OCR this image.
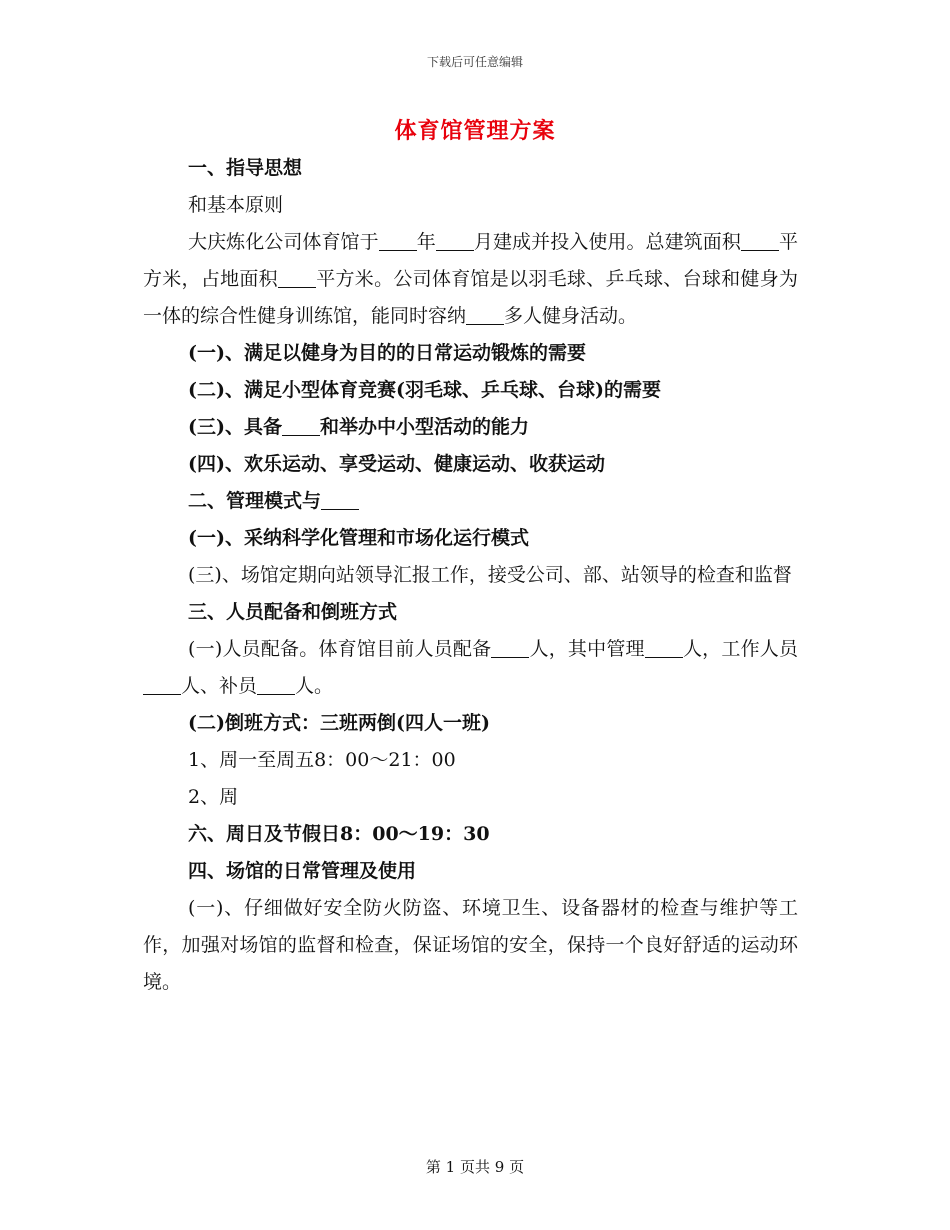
下载后可任意编辑
体育馆管理方案
一、指导思想
和基本原则
大庆炼化公司体育馆于 年 月建成并投入使用。总建筑面积 平方米，占地面积 平方米。公司体育馆是以羽毛球、乒乓球、台球和健身为一体的综合性健身训练馆，能同时容纳 多人健身活动。
(一)、满足以健身为目的的日常运动锻炼的需要
(二)、满足小型体育竞赛(羽毛球、乒乓球、台球)的需要
(三)、具备 和举办中小型活动的能力
(四)、欢乐运动、享受运动、健康运动、收获运动
二、管理模式与
(一)、采纳科学化管理和市场化运行模式
(三)、场馆定期向站领导汇报工作，接受公司、部、站领导的检查和监督
三、人员配备和倒班方式
(一)人员配备。体育馆目前人员配备 人，其中管理 人，工作人员人、补员 人。
(二)倒班方式：三班两倒(四人一班)
1、周一至周五8：00～21：00
2、周
六、周日及节假日8：00～19：30
四、场馆的日常管理及使用
(一)、仔细做好安全防火防盗、环境卫生、设备器材的检查与维护等工作，加强对场馆的监督和检查，保证场馆的安全，保持一个良好舒适的运动环境。
第 1 页共 9 页
